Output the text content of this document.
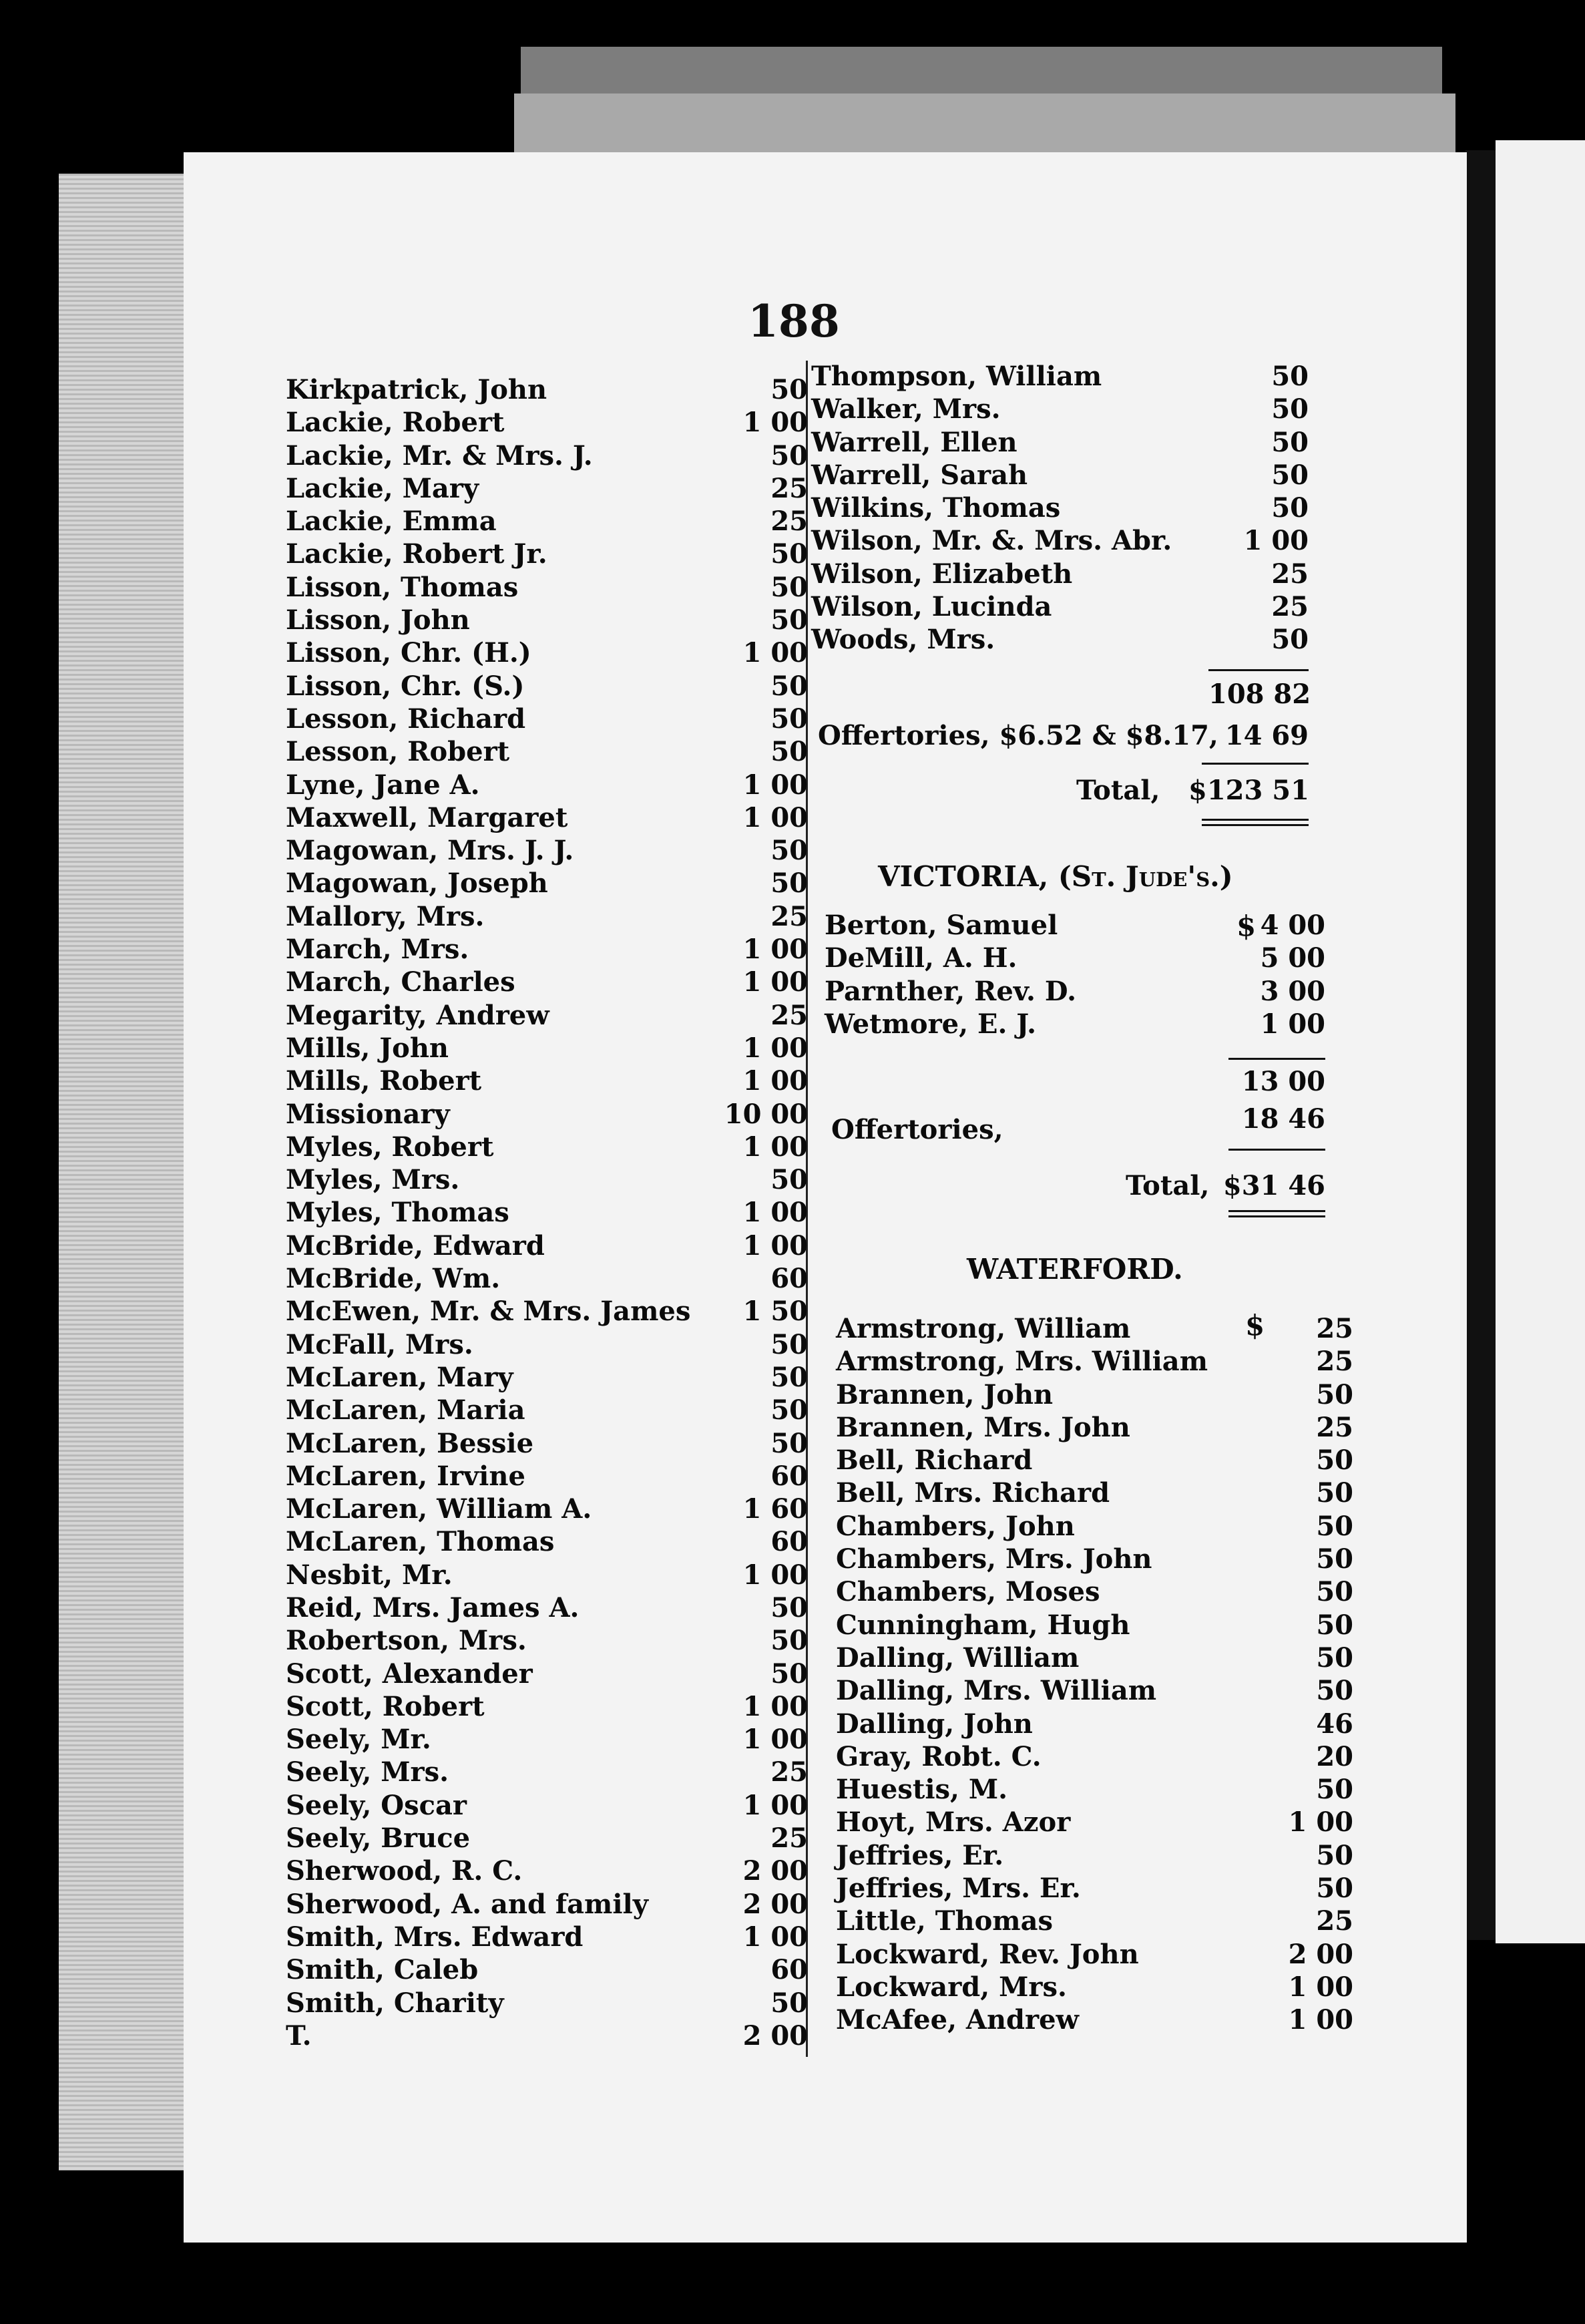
188
Kirkpatrick, John	50
Lackie, Robert	1 00
Lackie, Mr. & Mrs. J.	50
Lackie, Mary	25
Lackie, Emma	25
Lackie, Robert Jr.	50
Lisson, Thomas	50
Lisson, John	50
Lisson, Chr. (H.)	1 00
Lisson, Chr. (S.)	50
Lesson, Richard	50
Lesson, Robert	50
Lyne, Jane A.	1 00
Maxwell, Margaret	1 00
Magowan, Mrs. J. J.	50
Magowan, Joseph	50
Mallory, Mrs.	25
March, Mrs.	1 00
March, Charles	1 00
Megarity, Andrew	25
Mills, John	1 00
Mills, Robert	1 00
Missionary	10 00
Myles, Robert	1 00
Myles, Mrs.	50
Myles, Thomas	1 00
McBride, Edward	1 00
McBride, Wm.	60
McEwen, Mr. & Mrs. James 1 50
McFall, Mrs.	50
McLaren, Mary	50
McLaren, Maria	50
McLaren, Bessie	50
McLaren, Irvine	60
McLaren, William A.	1 60
McLaren, Thomas	60
Nesbit, Mr.	1 00
Reid, Mrs. James A.	50
Robertson, Mrs.	50
Scott, Alexander	50
Scott, Robert	1 00
Seely, Mr.	1 00
Seely, Mrs.	25
Seely, Oscar	1 00
Seely, Bruce	25
Sherwood, R. C.	2 00
Sherwood, A. and family	2 00
Smith, Mrs. Edward	1 00
Smith, Caleb	60
Smith, Charity	50
T.	2 00
Thompson, William	50
Walker, Mrs.	50
Warrell, Ellen	50
Warrell, Sarah	50
Wilkins, Thomas	50
Wilson, Mr. &. Mrs. Abr.	1 00
Wilson, Elizabeth	25
Wilson, Lucinda	25
Woods, Mrs.	50
108 82
Offertories, $6.52 & $8.17, 14 69
Total, $123 51
VICTORIA, (St. Jude's.)
$
Berton, Samuel	4 00
DeMill, A. H.	5 00
Parnther, Rev. D.	3 00
Wetmore, E. J.	1 00
13 00
Offertories,	18 46
Total, $31 46
WATERFORD.
$
Armstrong, William	25
Armstrong, Mrs. William	25
Brannen, John	50
Brannen, Mrs. John	25
Bell, Richard	50
Bell, Mrs. Richard	50
Chambers, John	50
Chambers, Mrs. John	50
Chambers, Moses	50
Cunningham, Hugh	50
Dalling, William	50
Dalling, Mrs. William	50
Dalling, John	46
Gray, Robt. C.	20
Huestis, M.	50
Hoyt, Mrs. Azor	1 00
Jeffries, Er.	50
Jeffries, Mrs. Er.	50
Little, Thomas	25
Lockward, Rev. John	2 00
Lockward, Mrs.	1 00
McAfee, Andrew	1 00
